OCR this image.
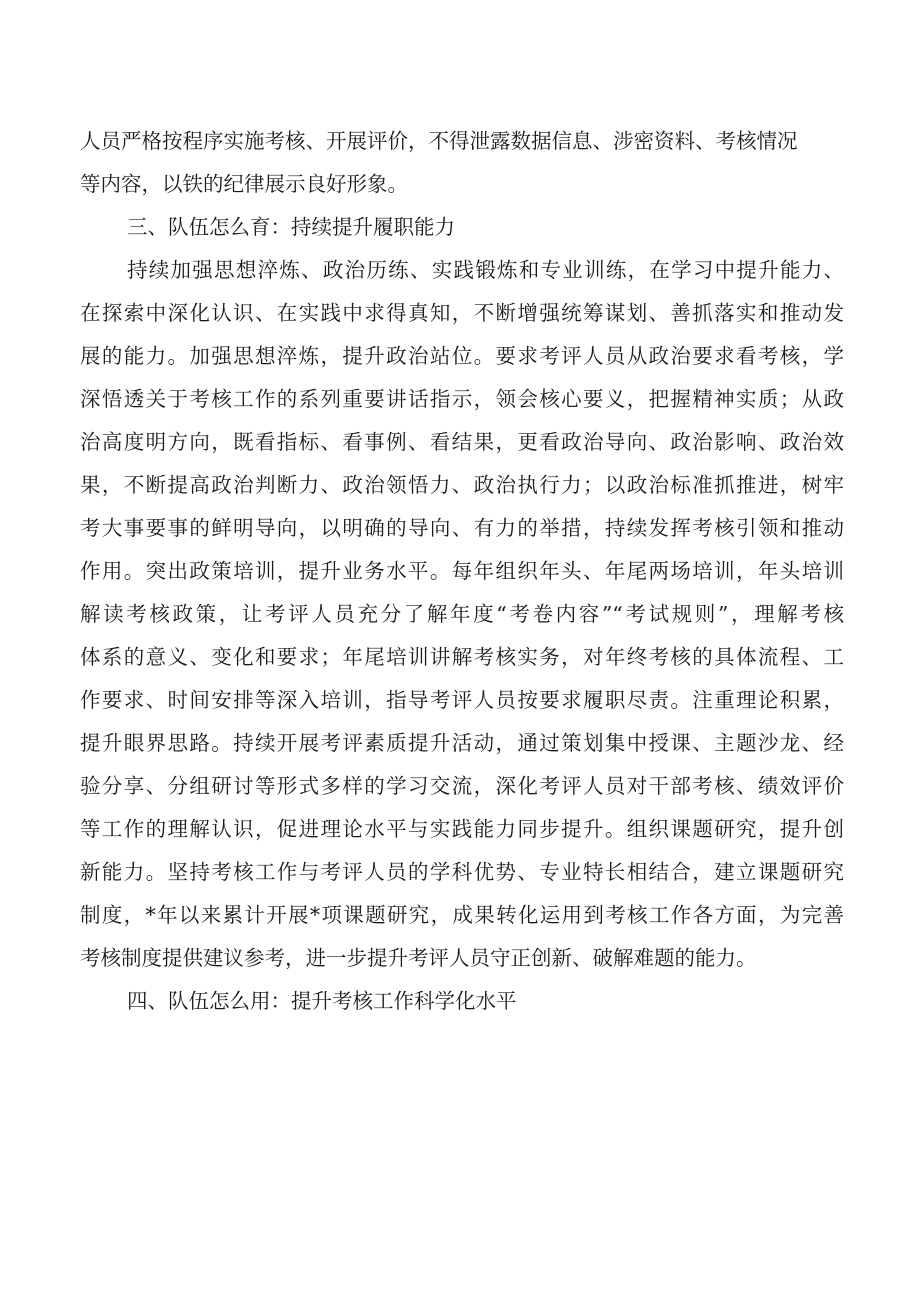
人员严格按程序实施考核、开展评价，不得泄露数据信息、涉密资料、考核情况
等内容，以铁的纪律展示良好形象。
三、队伍怎么育：持续提升履职能力
持续加强思想淬炼、政治历练、实践锻炼和专业训练，在学习中提升能力、
在探索中深化认识、在实践中求得真知，不断增强统筹谋划、善抓落实和推动发
展的能力。加强思想淬炼，提升政治站位。要求考评人员从政治要求看考核，学
深悟透关于考核工作的系列重要讲话指示，领会核心要义，把握精神实质；从政
治高度明方向，既看指标、看事例、看结果，更看政治导向、政治影响、政治效
果，不断提高政治判断力、政治领悟力、政治执行力；以政治标准抓推进，树牢
考大事要事的鲜明导向，以明确的导向、有力的举措，持续发挥考核引领和推动
作用。突出政策培训，提升业务水平。每年组织年头、年尾两场培训，年头培训
解读考核政策，让考评人员充分了解年度“考卷内容”“考试规则”，理解考核
体系的意义、变化和要求；年尾培训讲解考核实务，对年终考核的具体流程、工
作要求、时间安排等深入培训，指导考评人员按要求履职尽责。注重理论积累，
提升眼界思路。持续开展考评素质提升活动，通过策划集中授课、主题沙龙、经
验分享、分组研讨等形式多样的学习交流，深化考评人员对干部考核、绩效评价
等工作的理解认识，促进理论水平与实践能力同步提升。组织课题研究，提升创
新能力。坚持考核工作与考评人员的学科优势、专业特长相结合，建立课题研究
制度，*年以来累计开展*项课题研究，成果转化运用到考核工作各方面，为完善
考核制度提供建议参考，进一步提升考评人员守正创新、破解难题的能力。
四、队伍怎么用：提升考核工作科学化水平
